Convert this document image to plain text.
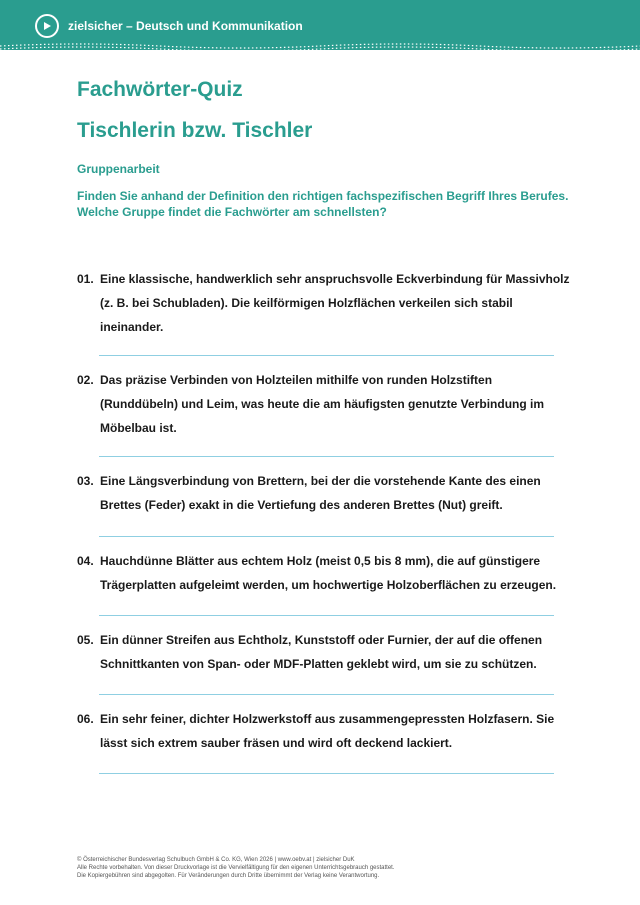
zielsicher – Deutsch und Kommunikation
Fachwörter-Quiz
Tischlerin bzw. Tischler
Gruppenarbeit
Finden Sie anhand der Definition den richtigen fachspezifischen Begriff Ihres Berufes. Welche Gruppe findet die Fachwörter am schnellsten?
01. Eine klassische, handwerklich sehr anspruchsvolle Eckverbindung für Massivholz (z. B. bei Schubladen). Die keilförmigen Holzflächen verkeilen sich stabil ineinander.
02. Das präzise Verbinden von Holzteilen mithilfe von runden Holzstiften (Runddübeln) und Leim, was heute die am häufigsten genutzte Verbindung im Möbelbau ist.
03. Eine Längsverbindung von Brettern, bei der die vorstehende Kante des einen Brettes (Feder) exakt in die Vertiefung des anderen Brettes (Nut) greift.
04. Hauchdünne Blätter aus echtem Holz (meist 0,5 bis 8 mm), die auf günstigere Trägerplatten aufgeleimt werden, um hochwertige Holzoberflächen zu erzeugen.
05. Ein dünner Streifen aus Echtholz, Kunststoff oder Furnier, der auf die offenen Schnittkanten von Span- oder MDF-Platten geklebt wird, um sie zu schützen.
06. Ein sehr feiner, dichter Holzwerkstoff aus zusammengepressten Holzfasern. Sie lässt sich extrem sauber fräsen und wird oft deckend lackiert.
© Österreichischer Bundesverlag Schulbuch GmbH & Co. KG, Wien 2026 | www.oebv.at | zielsicher DuK
Alle Rechte vorbehalten. Von dieser Druckvorlage ist die Vervielfältigung für den eigenen Unterrichtsgebrauch gestattet.
Die Kopiergebühren sind abgegolten. Für Veränderungen durch Dritte übernimmt der Verlag keine Verantwortung.
